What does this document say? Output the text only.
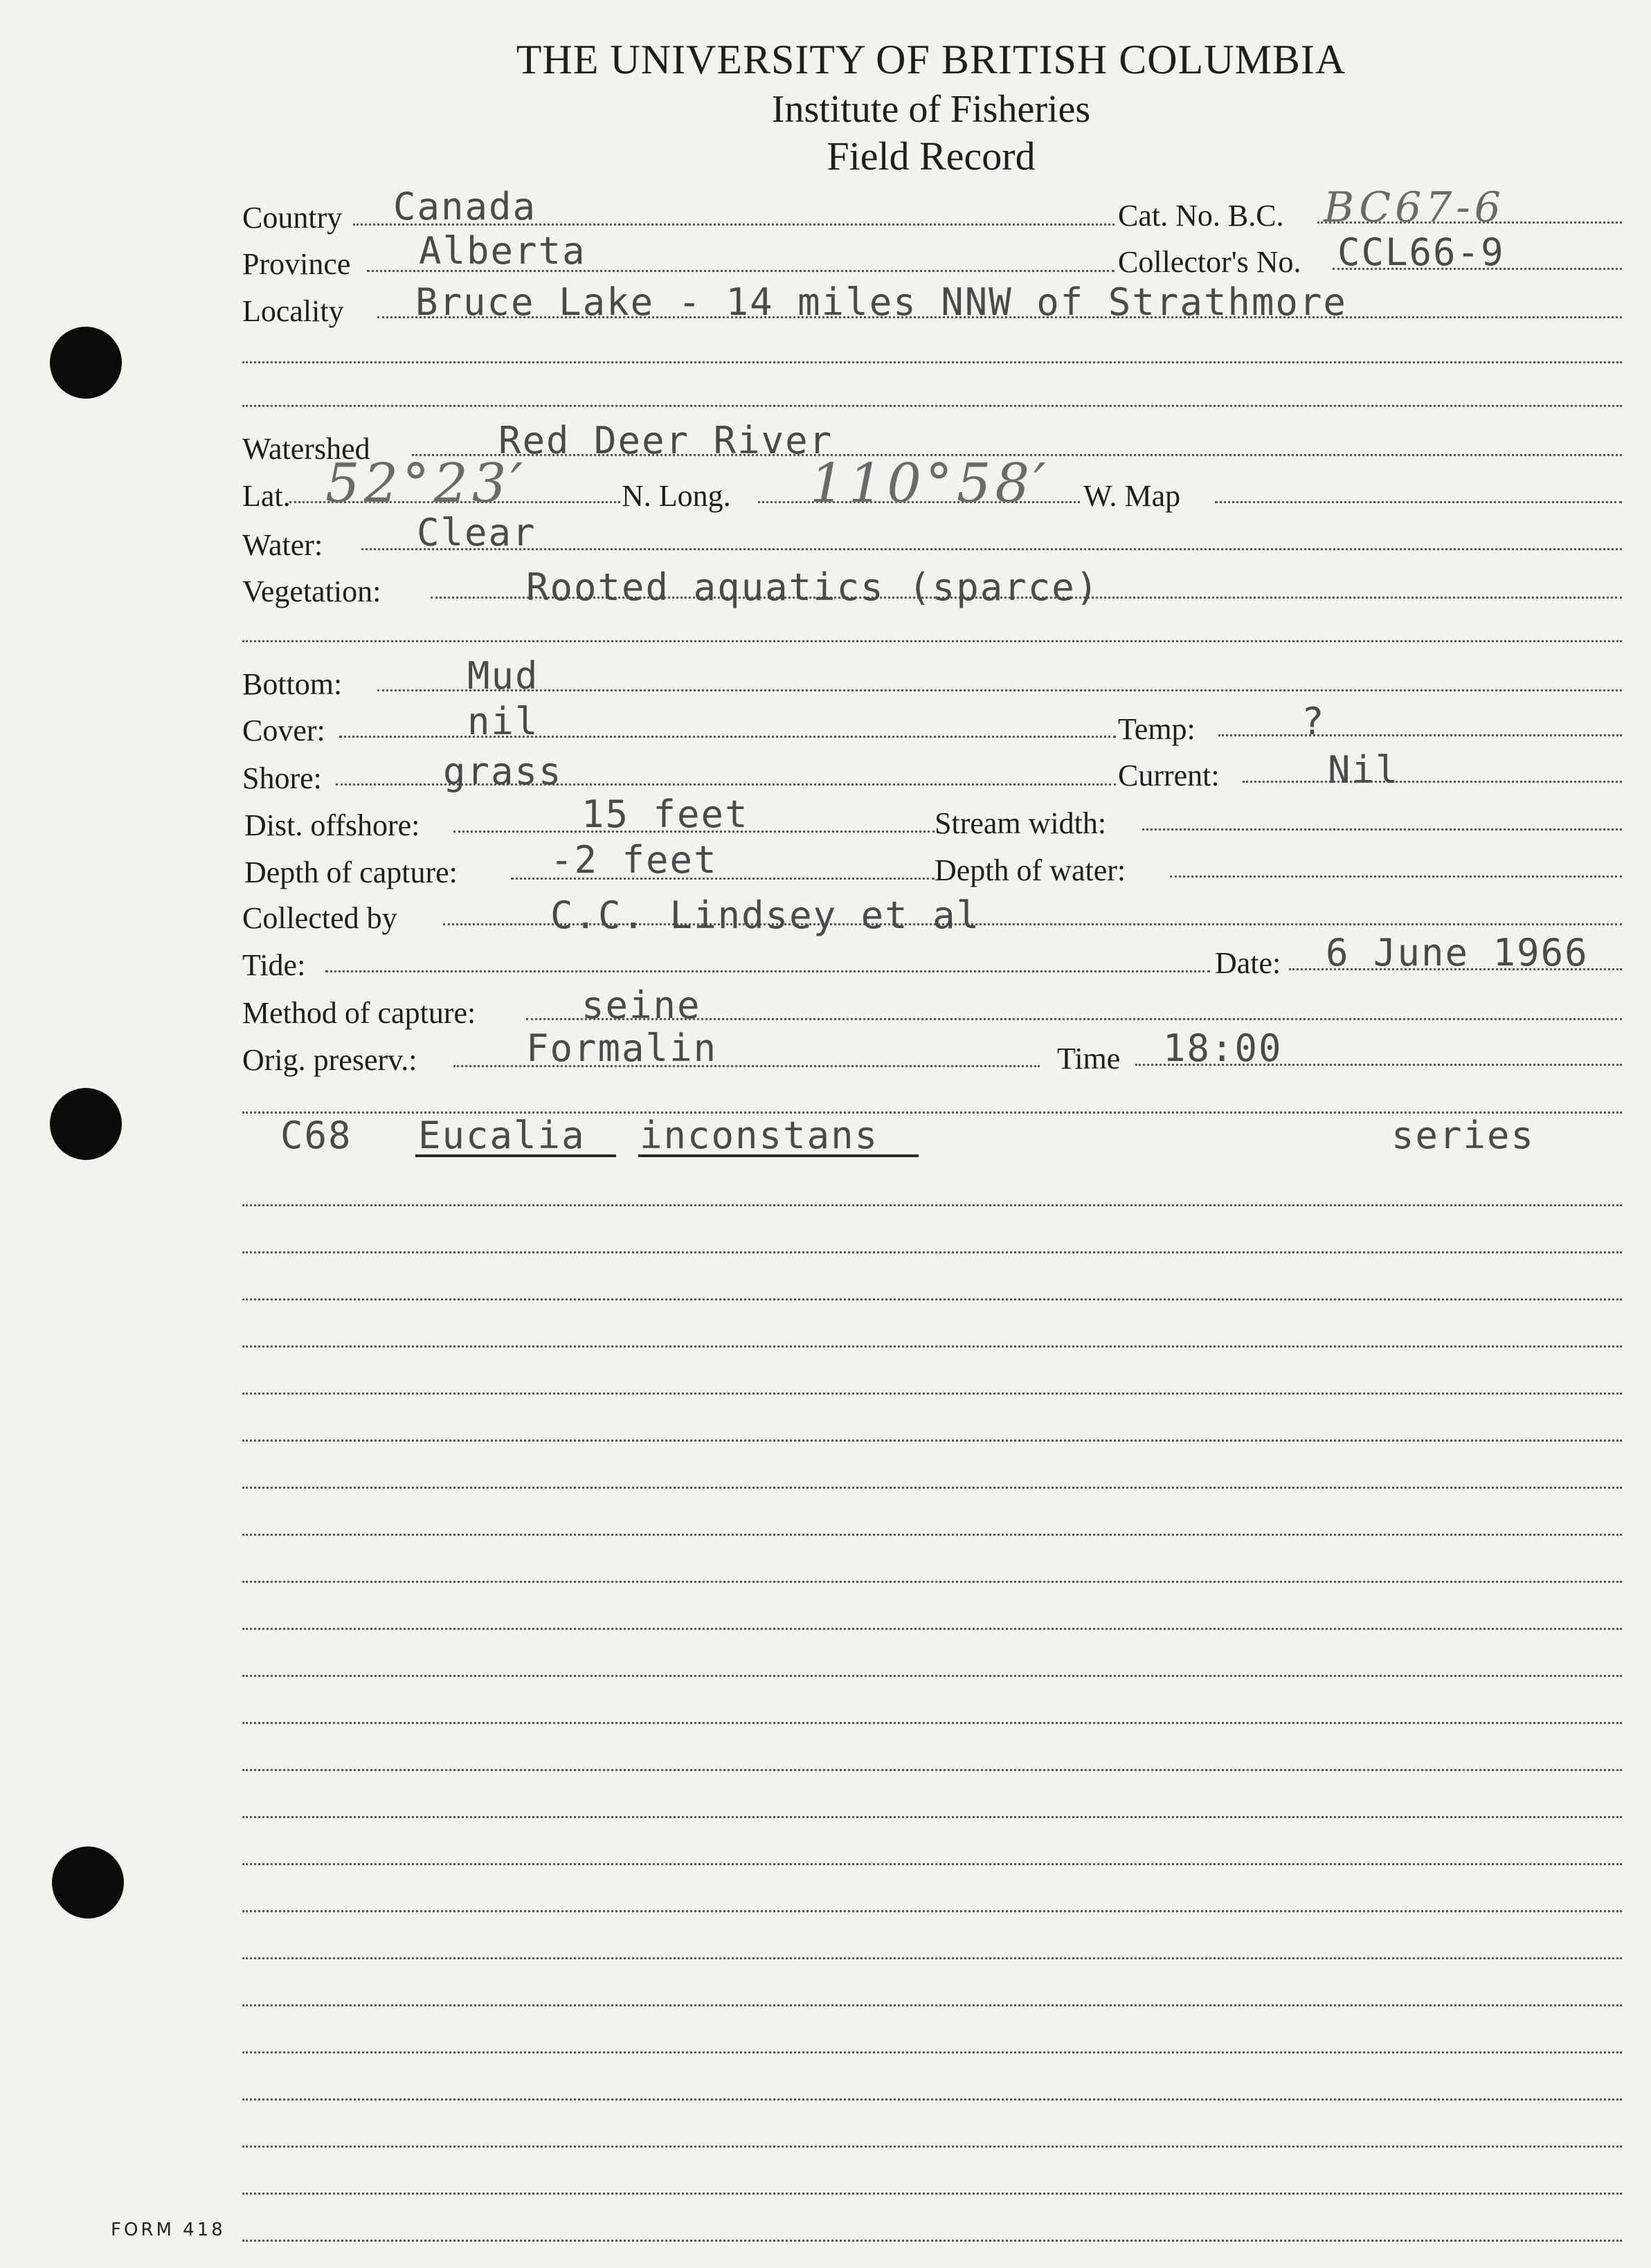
THE UNIVERSITY OF BRITISH COLUMBIA
Institute of Fisheries
Field Record
Country Canada	Cat. No. B.C. BC67-6
Province Alberta	Collector's No. CCL66-9
Locality Bruce Lake - 14 miles NNW of Strathmore
Watershed	Red Deer River
Lat. 52°23′	N. Long. 110°58′ W. Map
Water:	Clear
Vegetation:	Rooted aquatics (sparce)
Bottom:	Mud
Cover:	nil	Temp:	?
Shore:	grass	Current:	Nil
Dist. offshore:	15 feet	Stream width:
Depth of capture: -2 feet	Depth of water:
Collected by	C.C. Lindsey et al
Tide:	Date: 6 June 1966
Method of capture:	seine
Orig. preserv.:	Formalin	Time 18:00
C68 Eucalia inconstans	series
FORM 418
